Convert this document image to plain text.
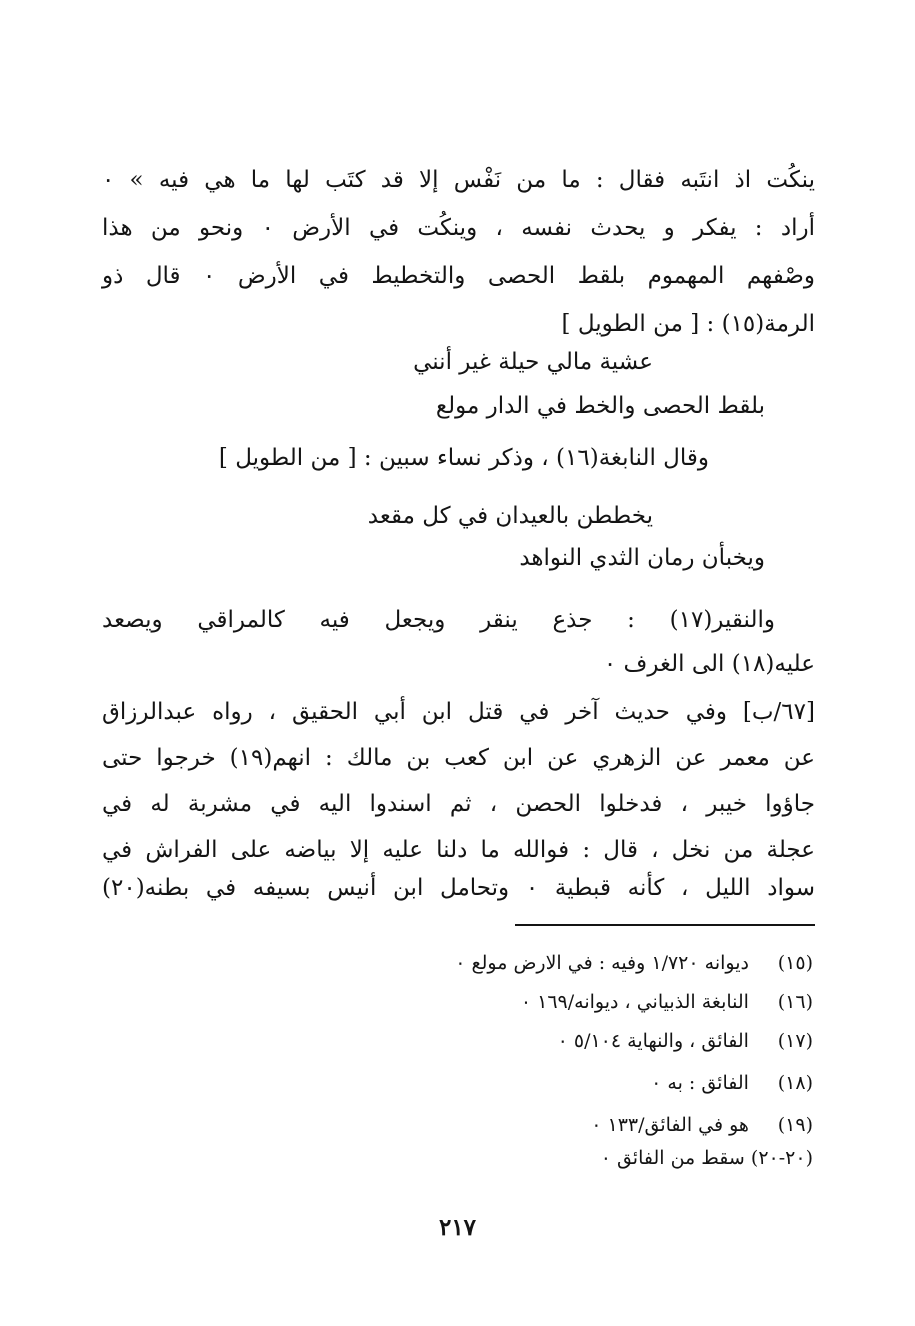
ينكُت اذ انتَبه فقال : ما من نَفْس إلا قد كتَب لها ما هي فيه » ٠
أراد : يفكر و يحدث نفسه ، وينكُت في الأرض ٠ ونحو من هذا
وصْفهم المهموم بلقط الحصى والتخطيط في الأرض ٠ قال ذو
الرمة(١٥) : [ من الطويل ]
عشية مالي حيلة غير أنني
بلقط الحصى والخط في الدار مولع
وقال النابغة(١٦) ، وذكر نساء سبين : [ من الطويل ]
يخططن بالعيدان في كل مقعد
ويخبأن رمان الثدي النواهد
والنقير(١٧) : جذع ينقر ويجعل فيه كالمراقي ويصعد
عليه(١٨) الى الغرف ٠
[٦٧/ب] وفي حديث آخر في قتل ابن أبي الحقيق ، رواه عبدالرزاق
عن معمر عن الزهري عن ابن كعب بن مالك : انهم(١٩) خرجوا حتى
جاؤوا خيبر ، فدخلوا الحصن ، ثم اسندوا اليه في مشربة له في
عجلة من نخل ، قال : فوالله ما دلنا عليه إلا بياضه على الفراش في
سواد الليل ، كأنه قبطية ٠ وتحامل ابن أنيس بسيفه في بطنه(٢٠)
(١٥) ديوانه ١/٧٢٠ وفيه : في الارض مولع ٠
(١٦) النابغة الذبياني ، ديوانه/١٦٩ ٠
(١٧) الفائق ، والنهاية ٥/١٠٤ ٠
(١٨) الفائق : به ٠
(١٩) هو في الفائق/١٣٣ ٠
(٢٠-٢٠) سقط من الفائق ٠
٢١٧
